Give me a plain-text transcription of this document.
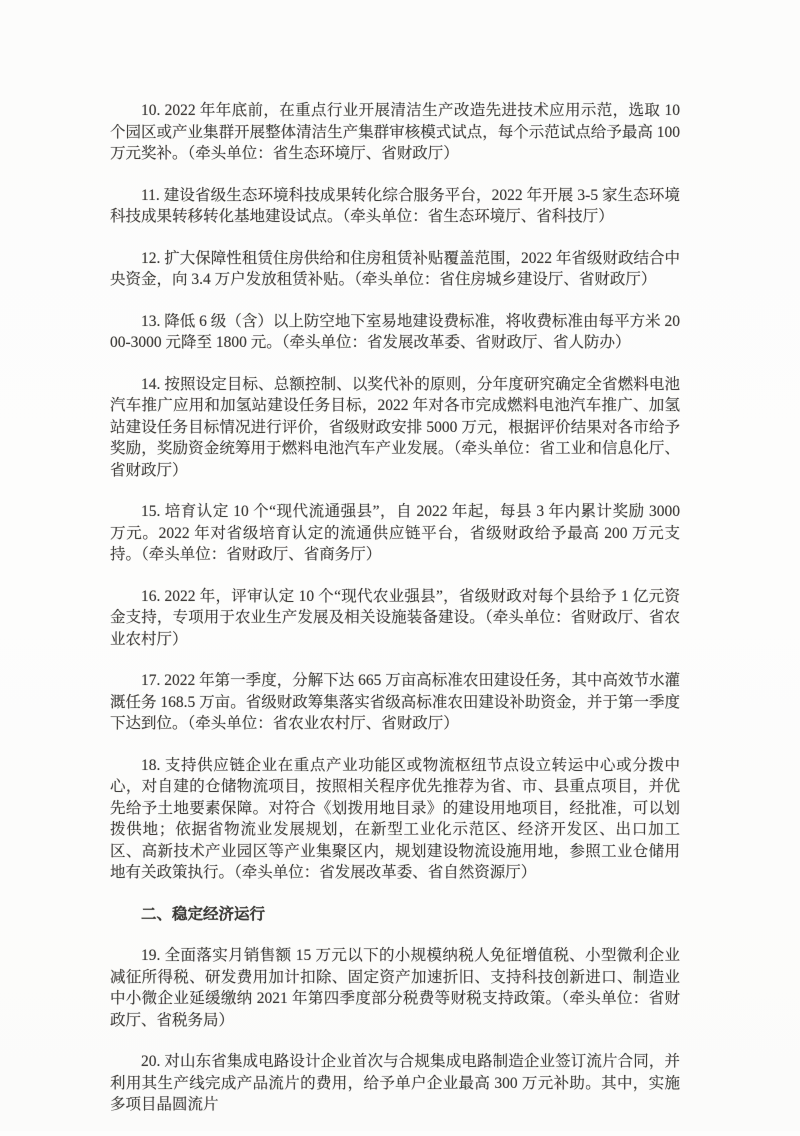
10. 2022 年年底前，在重点行业开展清洁生产改造先进技术应用示范，选取 10 个园区或产业集群开展整体清洁生产集群审核模式试点，每个示范试点给予最高 100 万元奖补。（牵头单位：省生态环境厅、省财政厅）

11. 建设省级生态环境科技成果转化综合服务平台，2022 年开展 3-5 家生态环境科技成果转移转化基地建设试点。（牵头单位：省生态环境厅、省科技厅）

12. 扩大保障性租赁住房供给和住房租赁补贴覆盖范围，2022 年省级财政结合中央资金，向 3.4 万户发放租赁补贴。（牵头单位：省住房城乡建设厅、省财政厅）

13. 降低 6 级（含）以上防空地下室易地建设费标准，将收费标准由每平方米 2000-3000 元降至 1800 元。（牵头单位：省发展改革委、省财政厅、省人防办）

14. 按照设定目标、总额控制、以奖代补的原则，分年度研究确定全省燃料电池汽车推广应用和加氢站建设任务目标，2022 年对各市完成燃料电池汽车推广、加氢站建设任务目标情况进行评价，省级财政安排 5000 万元，根据评价结果对各市给予奖励，奖励资金统筹用于燃料电池汽车产业发展。（牵头单位：省工业和信息化厅、省财政厅）

15. 培育认定 10 个“现代流通强县”，自 2022 年起，每县 3 年内累计奖励 3000 万元。2022 年对省级培育认定的流通供应链平台，省级财政给予最高 200 万元支持。（牵头单位：省财政厅、省商务厅）

16. 2022 年，评审认定 10 个“现代农业强县”，省级财政对每个县给予 1 亿元资金支持，专项用于农业生产发展及相关设施装备建设。（牵头单位：省财政厅、省农业农村厅）

17. 2022 年第一季度，分解下达 665 万亩高标准农田建设任务，其中高效节水灌溉任务 168.5 万亩。省级财政筹集落实省级高标准农田建设补助资金，并于第一季度下达到位。（牵头单位：省农业农村厅、省财政厅）

18. 支持供应链企业在重点产业功能区或物流枢纽节点设立转运中心或分拨中心，对自建的仓储物流项目，按照相关程序优先推荐为省、市、县重点项目，并优先给予土地要素保障。对符合《划拨用地目录》的建设用地项目，经批准，可以划拨供地；依据省物流业发展规划，在新型工业化示范区、经济开发区、出口加工区、高新技术产业园区等产业集聚区内，规划建设物流设施用地，参照工业仓储用地有关政策执行。（牵头单位：省发展改革委、省自然资源厅）

二、稳定经济运行

19. 全面落实月销售额 15 万元以下的小规模纳税人免征增值税、小型微利企业减征所得税、研发费用加计扣除、固定资产加速折旧、支持科技创新进口、制造业中小微企业延缓缴纳 2021 年第四季度部分税费等财税支持政策。（牵头单位：省财政厅、省税务局）

20. 对山东省集成电路设计企业首次与合规集成电路制造企业签订流片合同，并利用其生产线完成产品流片的费用，给予单户企业最高 300 万元补助。其中，实施多项目晶圆流片
